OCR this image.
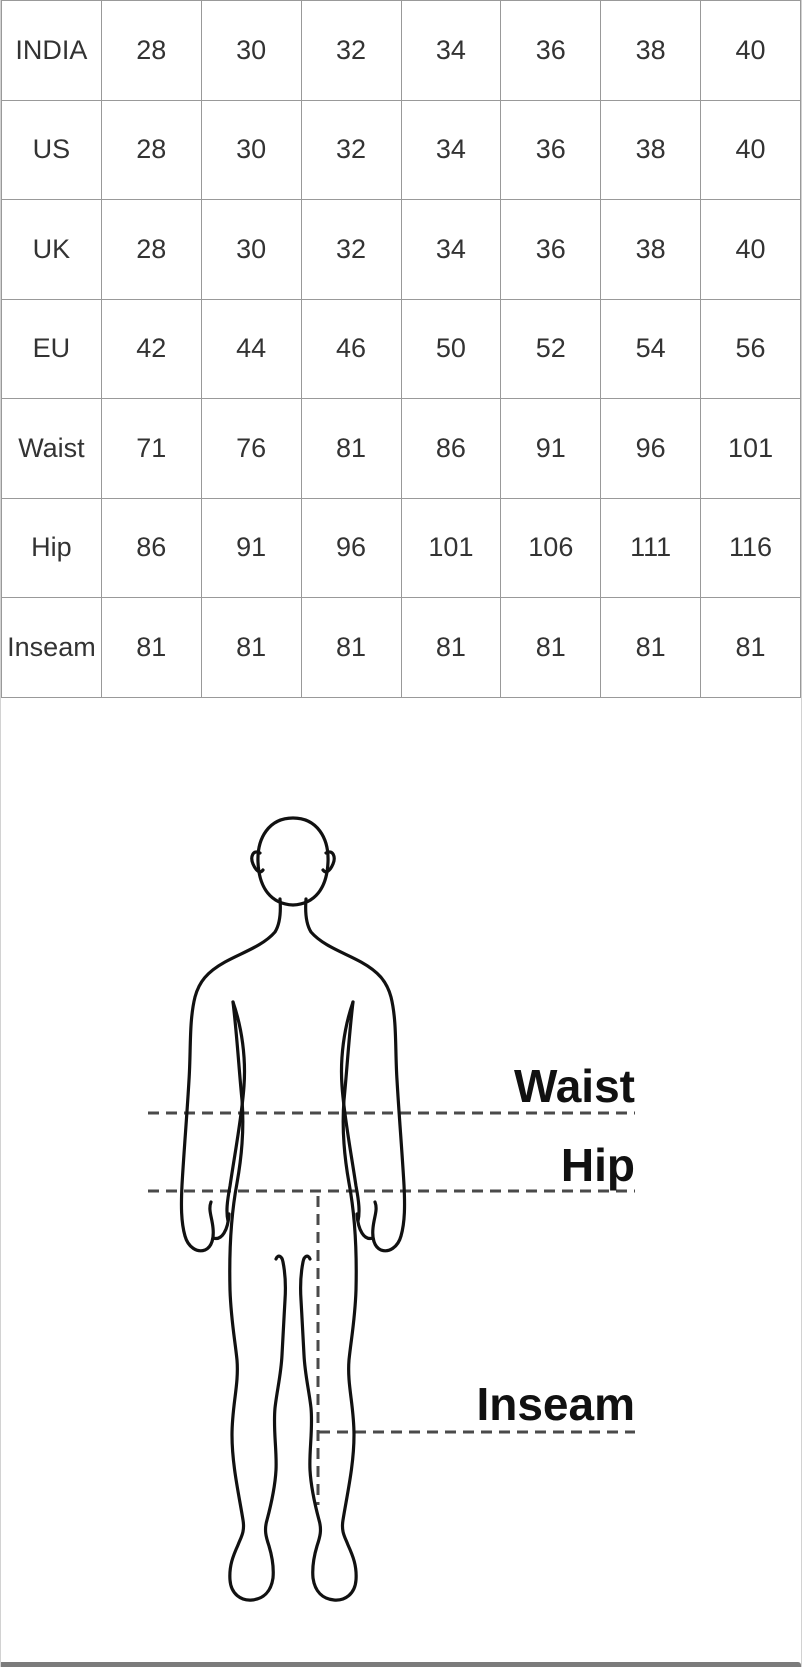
INDIA	28	30	32	34	36	38	40
US	28	30	32	34	36	38	40
UK	28	30	32	34	36	38	40
EU	42	44	46	50	52	54	56
Waist	71	76	81	86	91	96	101
Hip	86	91	96	101	106	111	116
Inseam	81	81	81	81	81	81	81
Waist
Hip
Inseam
